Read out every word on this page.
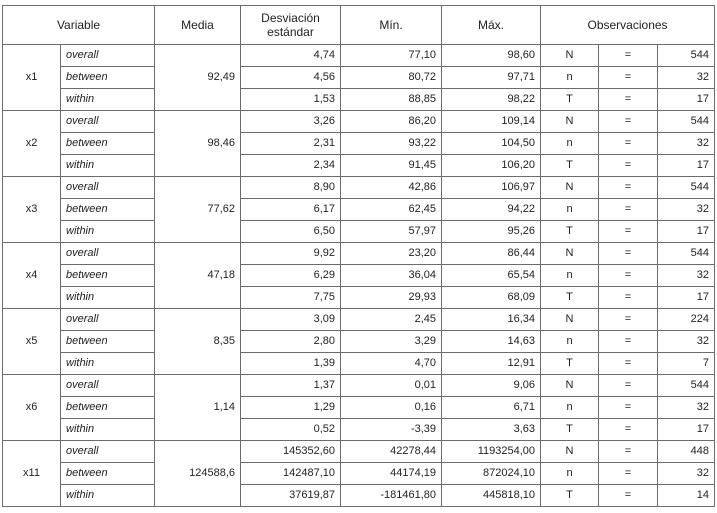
Variable		Media	Desviación estándar	Mín.	Máx.	Observaciones		
x1	overall	92,49	4,74	77,10	98,60	N	=	544
	between		4,56	80,72	97,71	n	=	32
	within		1,53	88,85	98,22	T	=	17
x2	overall	98,46	3,26	86,20	109,14	N	=	544
	between		2,31	93,22	104,50	n	=	32
	within		2,34	91,45	106,20	T	=	17
x3	overall	77,62	8,90	42,86	106,97	N	=	544
	between		6,17	62,45	94,22	n	=	32
	within		6,50	57,97	95,26	T	=	17
x4	overall	47,18	9,92	23,20	86,44	N	=	544
	between		6,29	36,04	65,54	n	=	32
	within		7,75	29,93	68,09	T	=	17
x5	overall	8,35	3,09	2,45	16,34	N	=	224
	between		2,80	3,29	14,63	n	=	32
	within		1,39	4,70	12,91	T	=	7
x6	overall	1,14	1,37	0,01	9,06	N	=	544
	between		1,29	0,16	6,71	n	=	32
	within		0,52	-3,39	3,63	T	=	17
x11	overall	124588,6	145352,60	42278,44	1193254,00	N	=	448
	between		142487,10	44174,19	872024,10	n	=	32
	within		37619,87	-181461,80	445818,10	T	=	14
